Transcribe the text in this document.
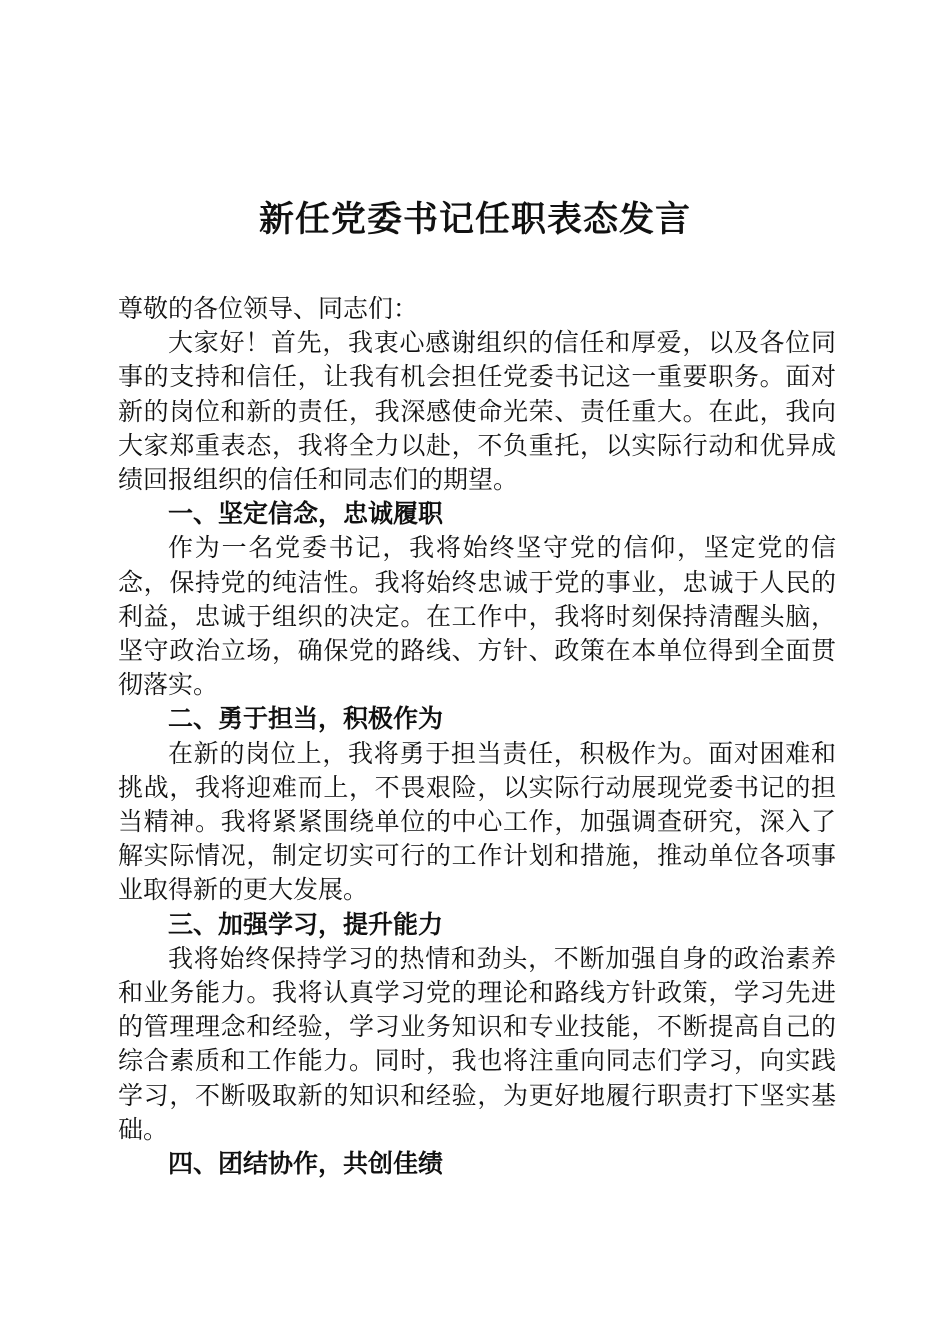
新任党委书记任职表态发言

尊敬的各位领导、同志们：

大家好！首先，我衷心感谢组织的信任和厚爱，以及各位同事的支持和信任，让我有机会担任党委书记这一重要职务。面对新的岗位和新的责任，我深感使命光荣、责任重大。在此，我向大家郑重表态，我将全力以赴，不负重托，以实际行动和优异成绩回报组织的信任和同志们的期望。

一、坚定信念，忠诚履职

作为一名党委书记，我将始终坚守党的信仰，坚定党的信念，保持党的纯洁性。我将始终忠诚于党的事业，忠诚于人民的利益，忠诚于组织的决定。在工作中，我将时刻保持清醒头脑，坚守政治立场，确保党的路线、方针、政策在本单位得到全面贯彻落实。

二、勇于担当，积极作为

在新的岗位上，我将勇于担当责任，积极作为。面对困难和挑战，我将迎难而上，不畏艰险，以实际行动展现党委书记的担当精神。我将紧紧围绕单位的中心工作，加强调查研究，深入了解实际情况，制定切实可行的工作计划和措施，推动单位各项事业取得新的更大发展。

三、加强学习，提升能力

我将始终保持学习的热情和劲头，不断加强自身的政治素养和业务能力。我将认真学习党的理论和路线方针政策，学习先进的管理理念和经验，学习业务知识和专业技能，不断提高自己的综合素质和工作能力。同时，我也将注重向同志们学习，向实践学习，不断吸取新的知识和经验，为更好地履行职责打下坚实基础。

四、团结协作，共创佳绩
